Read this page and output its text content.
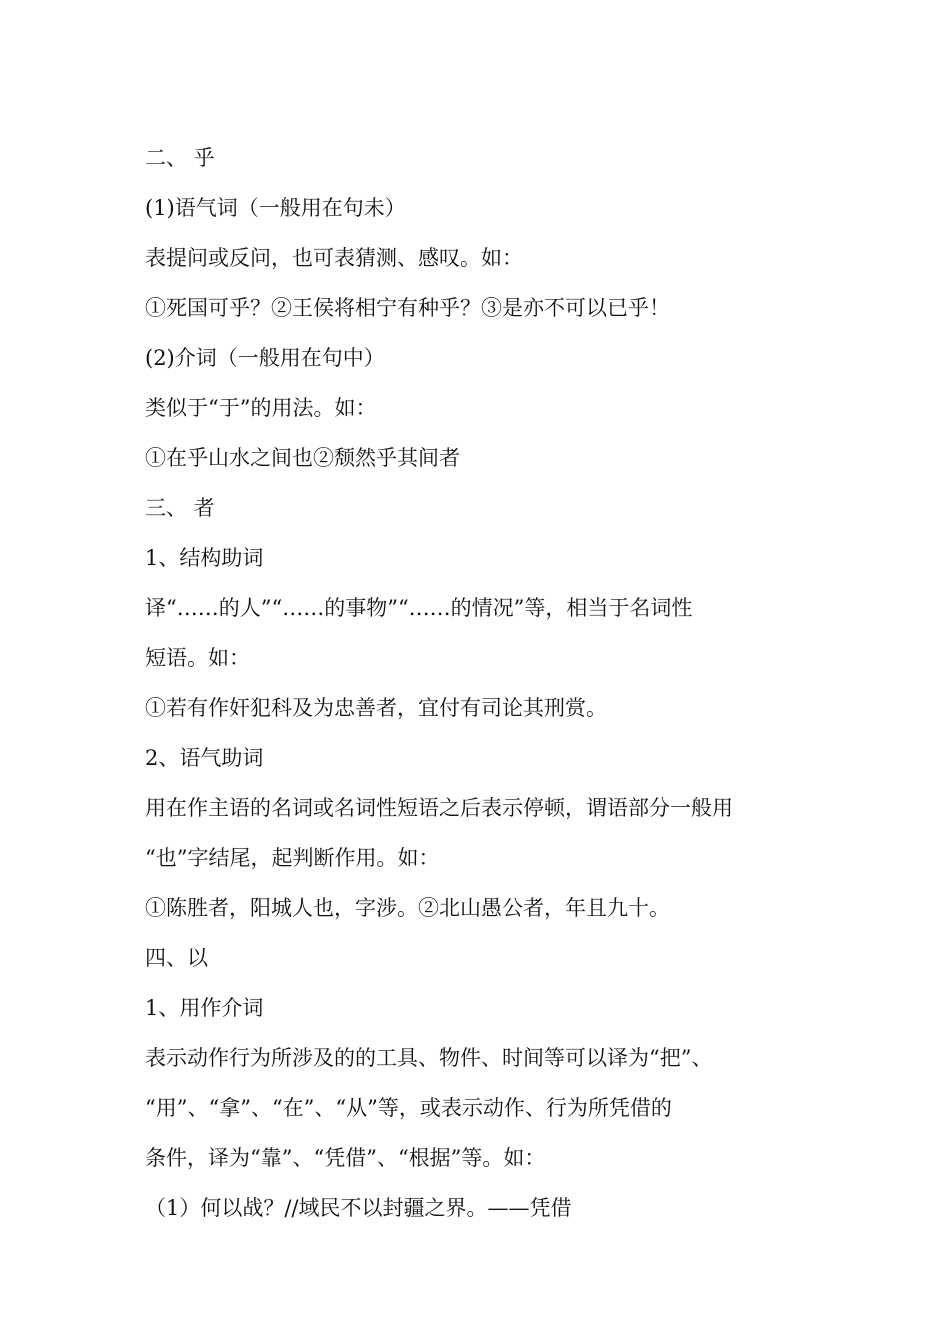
二、 乎
(1)语气词（一般用在句未）
表提问或反问，也可表猜测、感叹。如：
①死国可乎？②王侯将相宁有种乎？③是亦不可以已乎！
(2)介词（一般用在句中）
类似于“于”的用法。如：
①在乎山水之间也②颓然乎其间者
三、 者
1、结构助词
译“……的人”“……的事物”“……的情况”等，相当于名词性
短语。如：
①若有作奸犯科及为忠善者，宜付有司论其刑赏。
2、语气助词
用在作主语的名词或名词性短语之后表示停顿，谓语部分一般用
“也”字结尾，起判断作用。如：
①陈胜者，阳城人也，字涉。②北山愚公者，年且九十。
四、以
1、用作介词
表示动作行为所涉及的的工具、物件、时间等可以译为“把”、
“用”、“拿”、“在”、“从”等，或表示动作、行为所凭借的
条件，译为“靠”、“凭借”、“根据”等。如：
（1）何以战？//域民不以封疆之界。——凭借
